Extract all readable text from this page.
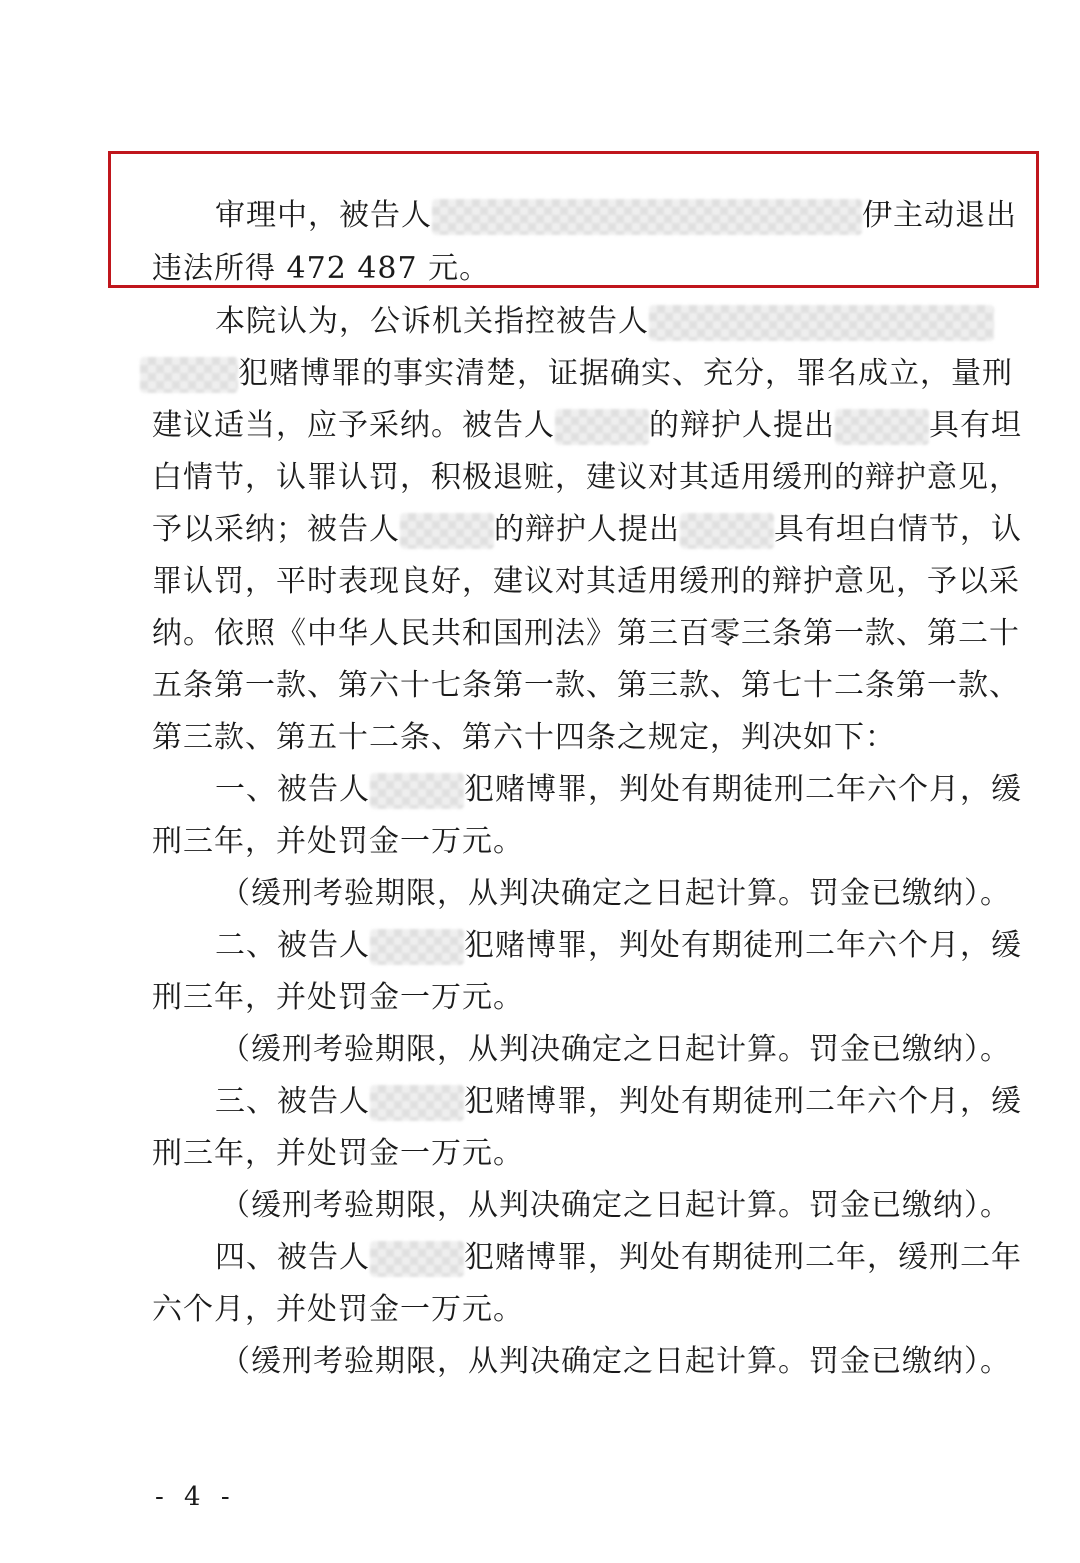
审理中，被告人	伊主动退出
违法所得 472 487 元。
本院认为，公诉机关指控被告人
犯赌博罪的事实清楚，证据确实、充分，罪名成立，量刑
建议适当，应予采纳。被告人	的辩护人提出	具有坦
白情节，认罪认罚，积极退赃，建议对其适用缓刑的辩护意见，
予以采纳；被告人	的辩护人提出	具有坦白情节，认
罪认罚，平时表现良好，建议对其适用缓刑的辩护意见，予以采
纳。依照《中华人民共和国刑法》第三百零三条第一款、第二十
五条第一款、第六十七条第一款、第三款、第七十二条第一款、
第三款、第五十二条、第六十四条之规定，判决如下：
一、被告人	犯赌博罪，判处有期徒刑二年六个月，缓
刑三年，并处罚金一万元。
（缓刑考验期限，从判决确定之日起计算。罚金已缴纳）。
二、被告人	犯赌博罪，判处有期徒刑二年六个月，缓
刑三年，并处罚金一万元。
（缓刑考验期限，从判决确定之日起计算。罚金已缴纳）。
三、被告人	犯赌博罪，判处有期徒刑二年六个月，缓
刑三年，并处罚金一万元。
（缓刑考验期限，从判决确定之日起计算。罚金已缴纳）。
四、被告人	犯赌博罪，判处有期徒刑二年，缓刑二年
六个月，并处罚金一万元。
（缓刑考验期限，从判决确定之日起计算。罚金已缴纳）。
- 4 -
